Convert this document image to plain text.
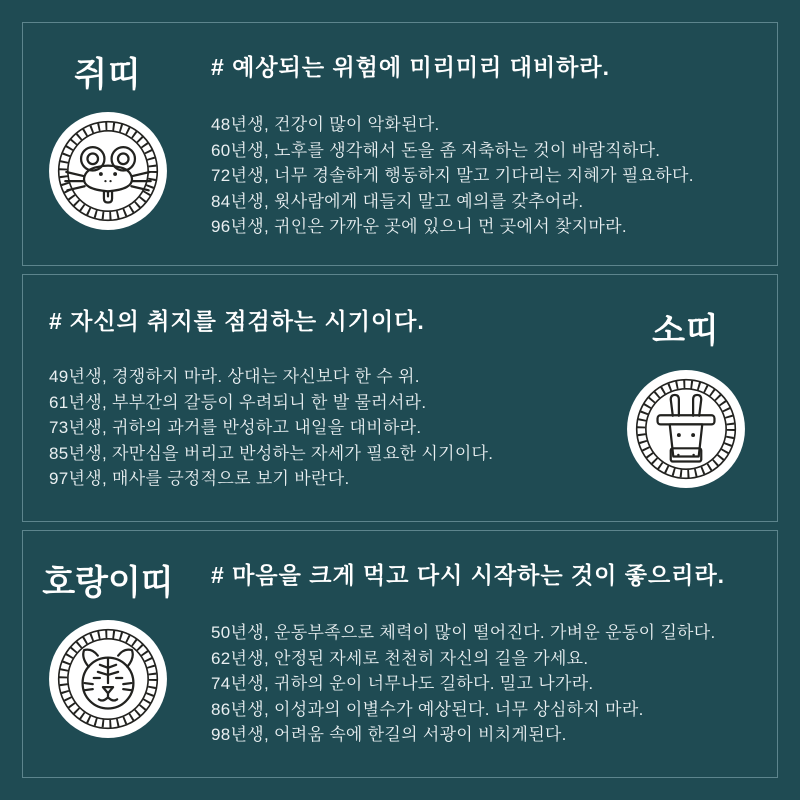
쥐띠	# 예상되는 위험에 미리미리 대비하라.

48년생, 건강이 많이 악화된다.

60년생, 노후를 생각해서 돈을 좀 저축하는 것이 바람직하다.

72년생, 너무 경솔하게 행동하지 말고 기다리는 지혜가 필요하다.

84년생, 윗사람에게 대들지 말고 예의를 갖추어라.

96년생, 귀인은 가까운 곳에 있으니 먼 곳에서 찾지마라.

소띠
# 자신의 취지를 점검하는 시기이다.

49년생, 경쟁하지 마라. 상대는 자신보다 한 수 위.

61년생, 부부간의 갈등이 우려되니 한 발 물러서라.

73년생, 귀하의 과거를 반성하고 내일을 대비하라.

85년생, 자만심을 버리고 반성하는 자세가 필요한 시기이다.

97년생, 매사를 긍정적으로 보기 바란다.

호랑이띠	# 마음을 크게 먹고 다시 시작하는 것이 좋으리라.

50년생, 운동부족으로 체력이 많이 떨어진다. 가벼운 운동이 길하다.

62년생, 안정된 자세로 천천히 자신의 길을 가세요.

74년생, 귀하의 운이 너무나도 길하다. 밀고 나가라.

86년생, 이성과의 이별수가 예상된다. 너무 상심하지 마라.

98년생, 어려움 속에 한길의 서광이 비치게된다.
